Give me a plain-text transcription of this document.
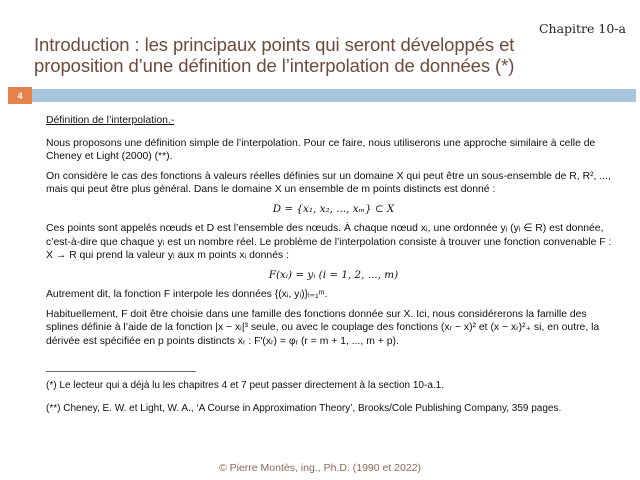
Chapitre 10-a
Introduction : les principaux points qui seront développés et proposition d’une définition de l’interpolation de données (*)
4

Définition de l’interpolation.-

Nous proposons une définition simple de l’interpolation. Pour ce faire, nous utiliserons une approche similaire à celle de Cheney et Light (2000) (**).

On considère le cas des fonctions à valeurs réelles définies sur un domaine X qui peut être un sous-ensemble de R, R², ..., mais qui peut être plus général. Dans le domaine X un ensemble de m points distincts est donné :

D = {x₁, x₂, ..., xₘ} ⊂ X

Ces points sont appelés nœuds et D est l’ensemble des nœuds. À chaque nœud xᵢ, une ordonnée yᵢ (yᵢ ∈ R) est donnée, c’est-à-dire que chaque yᵢ est un nombre réel. Le problème de l’interpolation consiste à trouver une fonction convenable F : X → R qui prend la valeur yᵢ aux m points xᵢ donnés :

F(xᵢ) = yᵢ (i = 1, 2, ..., m)

Autrement dit, la fonction F interpole les données {(xᵢ, yᵢ)}ᵢ₌₁ᵐ.

Habituellement, F doit être choisie dans une famille des fonctions donnée sur X. Ici, nous considérerons la famille des splines définie à l’aide de la fonction |x − xᵢ|³ seule, ou avec le couplage des fonctions (xᵣ − x)² et (x − xᵣ)²₊ si, en outre, la dérivée est spécifiée en p points distincts xᵣ : F′(xᵣ) = φᵣ (r = m + 1, ..., m + p).

(*) Le lecteur qui a déjà lu les chapitres 4 et 7 peut passer directement à la section 10-a.1.
(**) Cheney, E. W. et Light, W. A., ‘A Course in Approximation Theory’, Brooks/Cole Publishing Company, 359 pages.
© Pierre Montès, ing., Ph.D. (1990 et 2022)
